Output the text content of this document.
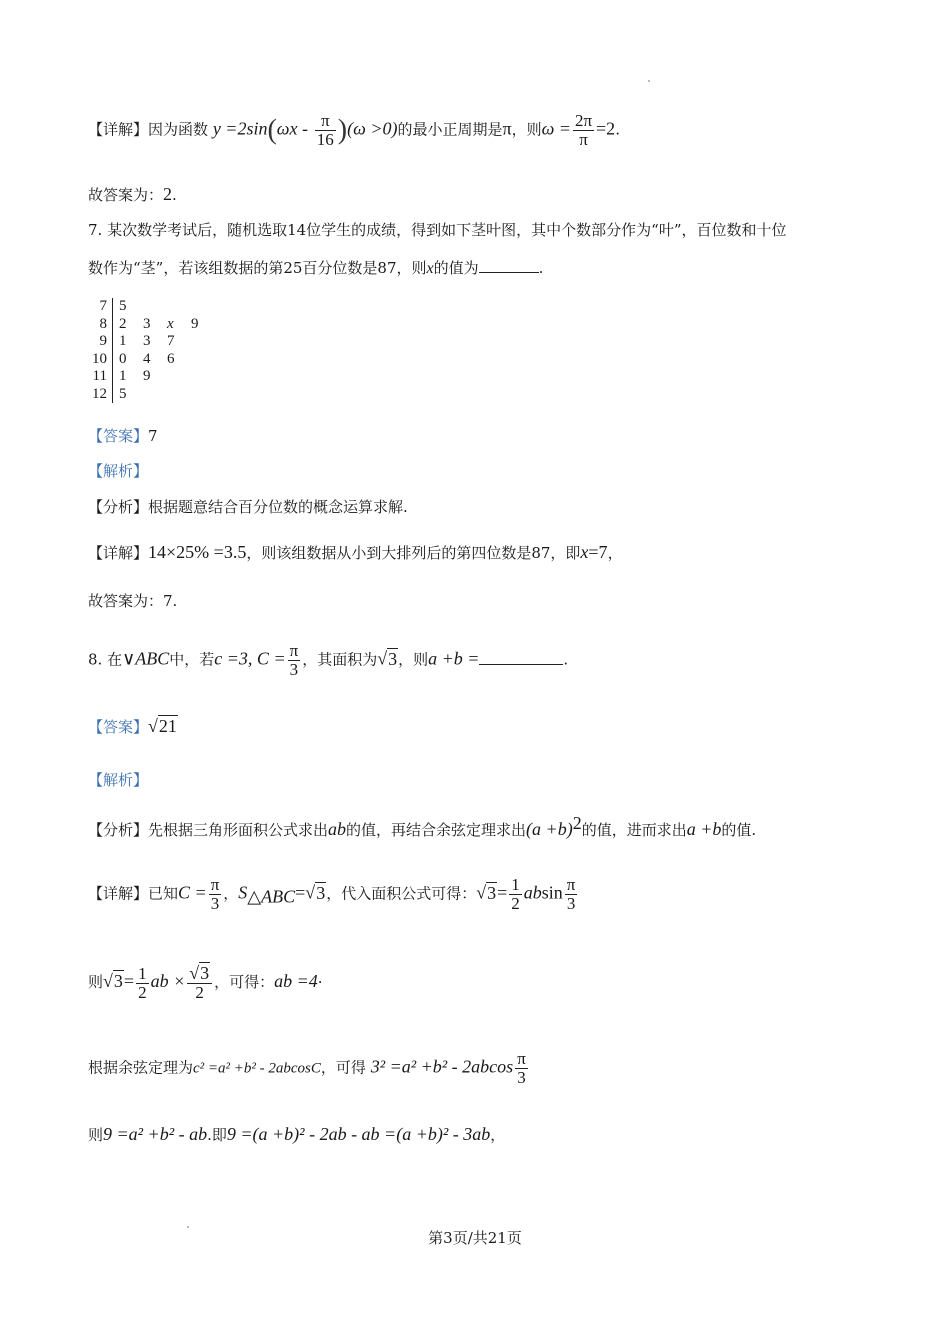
【详解】因为函数 $y =2\sin(\omega x - \frac{\pi}{16} )(\omega >0)$的最小正周期是π，则$\omega = \frac{2\pi}{\pi} =2$.
故答案为：2.
7. 某次数学考试后，随机选取14位学生的成绩，得到如下茎叶图，其中个数部分作为“叶”，百位数和十位
数作为“茎”，若该组数据的第25百分位数是87，则x的值为	.
7	5
8	2 3 x 9
9	1 3 7
10	0 4 6
11	1 9
12	5
【答案】7
【解析】
【分析】根据题意结合百分位数的概念运算求解.
【详解】14×25% =3.5，则该组数据从小到大排列后的第四位数是87，即x=7，
故答案为：7.
8. 在∨ABC中，若c =3, $C = \frac{\pi}{3}$ ，其面积为√3，则a +b =	.
【答案】√21
【解析】
【分析】先根据三角形面积公式求出ab的值，再结合余弦定理求出$(a +b)^2$的值，进而求出a +b的值.
【详解】已知$C = \frac{\pi}{3}$ ，$S_{\triangle ABC}=√3$，代入面积公式可得：$√3= \frac{1}{2}$ absin $\frac{\pi}{3}$
则$√3= \frac{1}{2}$ ab × $\frac{√3}{2}$ ，可得：ab =4·
根据余弦定理为c² =a² +b² - 2abcosC，可得 $3^2 =a^2 +b^2 - 2abcos \frac{\pi}{3}$
则9 =a² +b² - ab.即9 =(a +b)² - 2ab - ab =(a +b)² - 3ab，
第3页/共21页
